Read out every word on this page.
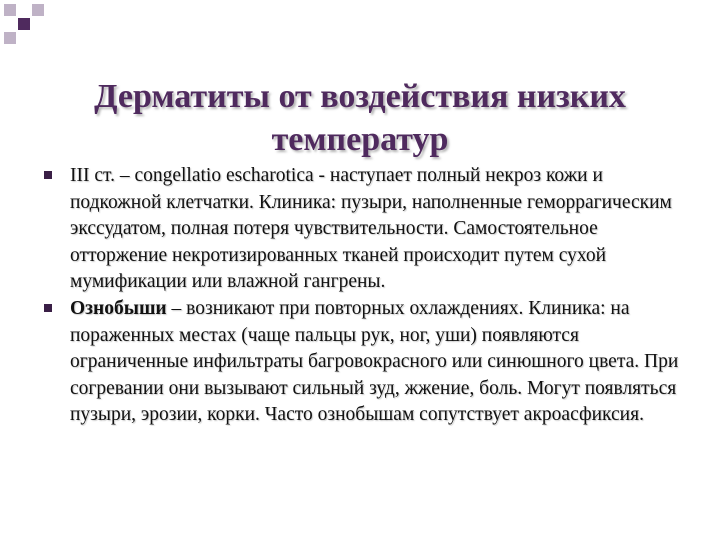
Дерматиты от воздействия низких температур
III ст. – congellatio escharotica - наступает полный некроз кожи и подкожной клетчатки. Клиника: пузыри, наполненные геморрагическим экссудатом, полная потеря чувствительности. Самостоятельное отторжение некротизированных тканей происходит путем сухой мумификации или влажной гангрены.
Ознобыши – возникают при повторных охлаждениях. Клиника: на пораженных местах (чаще пальцы рук, ног, уши) появляются ограниченные инфильтраты багровокрасного или синюшного цвета. При согревании они вызывают сильный зуд, жжение, боль. Могут появляться пузыри, эрозии, корки. Часто ознобышам сопутствует акроасфиксия.
